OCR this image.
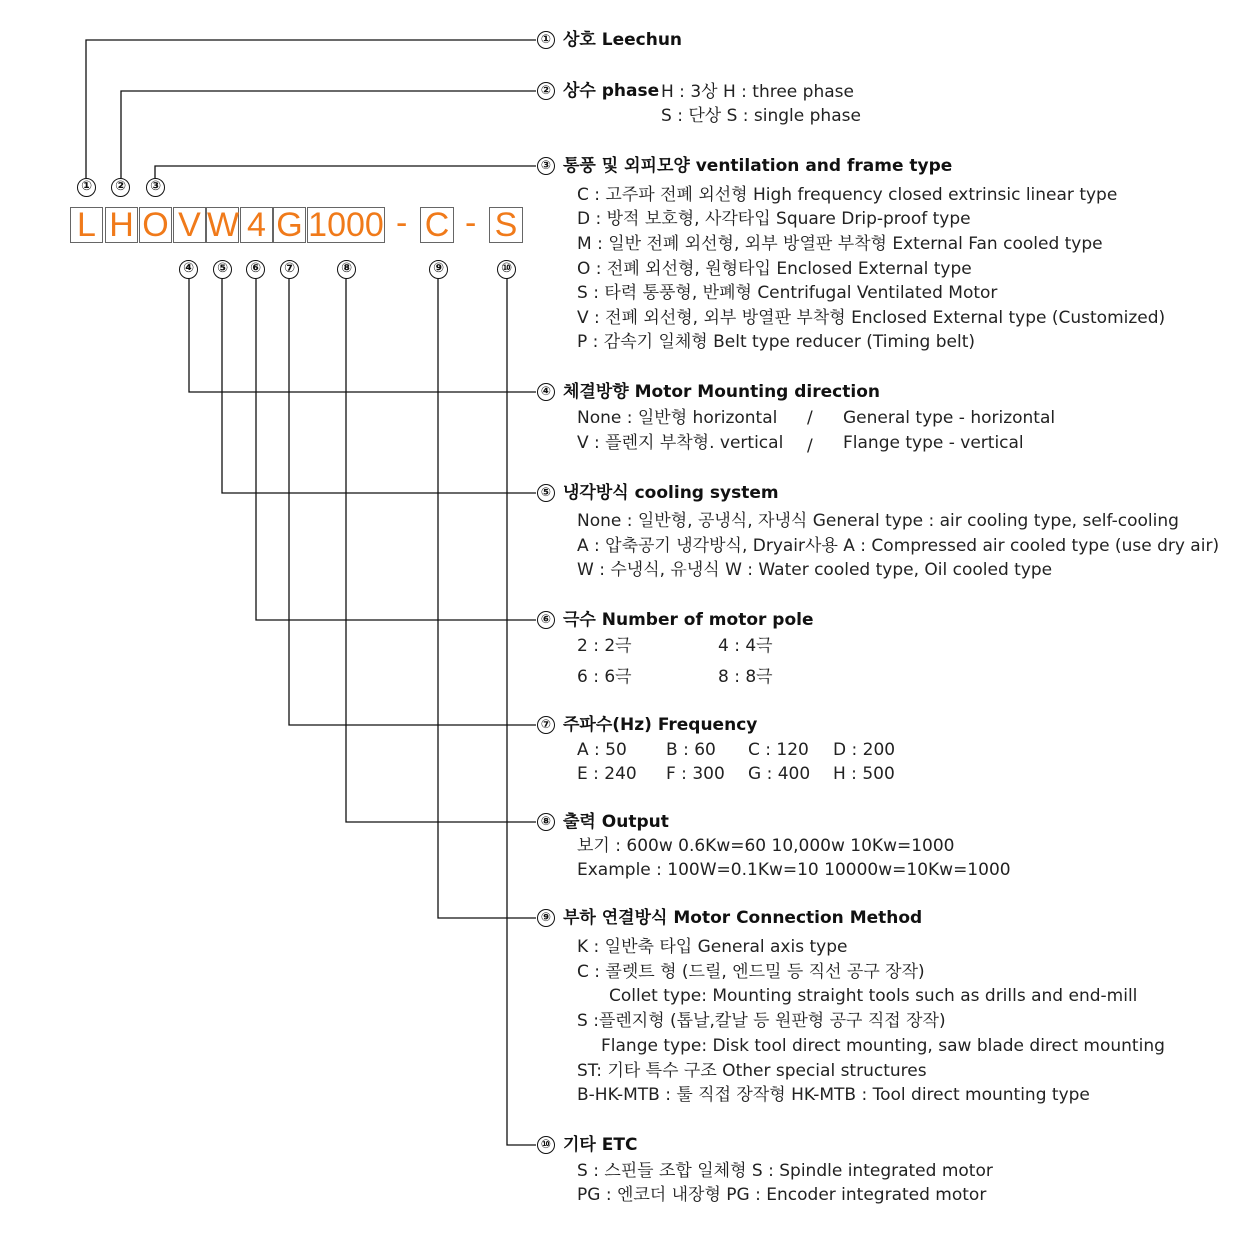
①	②	③
L H O V W 4 G 1000 - C - S
④	⑤	⑥	⑦	⑧	⑨	⑩
① 상호 Leechun
② 상수 phase H : 3상 H : three phase
S : 단상 S : single phase
③ 통풍 및 외피모양 ventilation and frame type
C : 고주파 전폐 외선형 High frequency closed extrinsic linear type
D : 방적 보호형, 사각타입 Square Drip-proof type
M : 일반 전폐 외선형, 외부 방열판 부착형 External Fan cooled type
O : 전폐 외선형, 원형타입 Enclosed External type
S : 타력 통풍형, 반폐형 Centrifugal Ventilated Motor
V : 전폐 외선형, 외부 방열판 부착형 Enclosed External type (Customized)
P : 감속기 일체형 Belt type reducer (Timing belt)
④ 체결방향 Motor Mounting direction
None : 일반형 horizontal / General type - horizontal
V : 플렌지 부착형. vertical / Flange type - vertical
⑤ 냉각방식 cooling system
None : 일반형, 공냉식, 자냉식 General type : air cooling type, self-cooling
A : 압축공기 냉각방식, Dryair사용 A : Compressed air cooled type (use dry air)
W : 수냉식, 유냉식 W : Water cooled type, Oil cooled type
⑥ 극수 Number of motor pole
2 : 2극	4 : 4극
6 : 6극	8 : 8극
⑦ 주파수(Hz) Frequency
A : 50 B : 60 C : 120 D : 200
E : 240 F : 300 G : 400 H : 500
⑧ 출력 Output
보기 : 600w 0.6Kw=60 10,000w 10Kw=1000
Example : 100W=0.1Kw=10 10000w=10Kw=1000
⑨ 부하 연결방식 Motor Connection Method
K : 일반축 타입 General axis type
C : 콜렛트 형 (드릴, 엔드밀 등 직선 공구 장작)
Collet type: Mounting straight tools such as drills and end-mill
S :플렌지형 (톱날,칼날 등 원판형 공구 직접 장작)
Flange type: Disk tool direct mounting, saw blade direct mounting
ST: 기타 특수 구조 Other special structures
B-HK-MTB : 툴 직접 장작형 HK-MTB : Tool direct mounting type
⑩ 기타 ETC
S : 스핀들 조합 일체형 S : Spindle integrated motor
PG : 엔코더 내장형 PG : Encoder integrated motor
